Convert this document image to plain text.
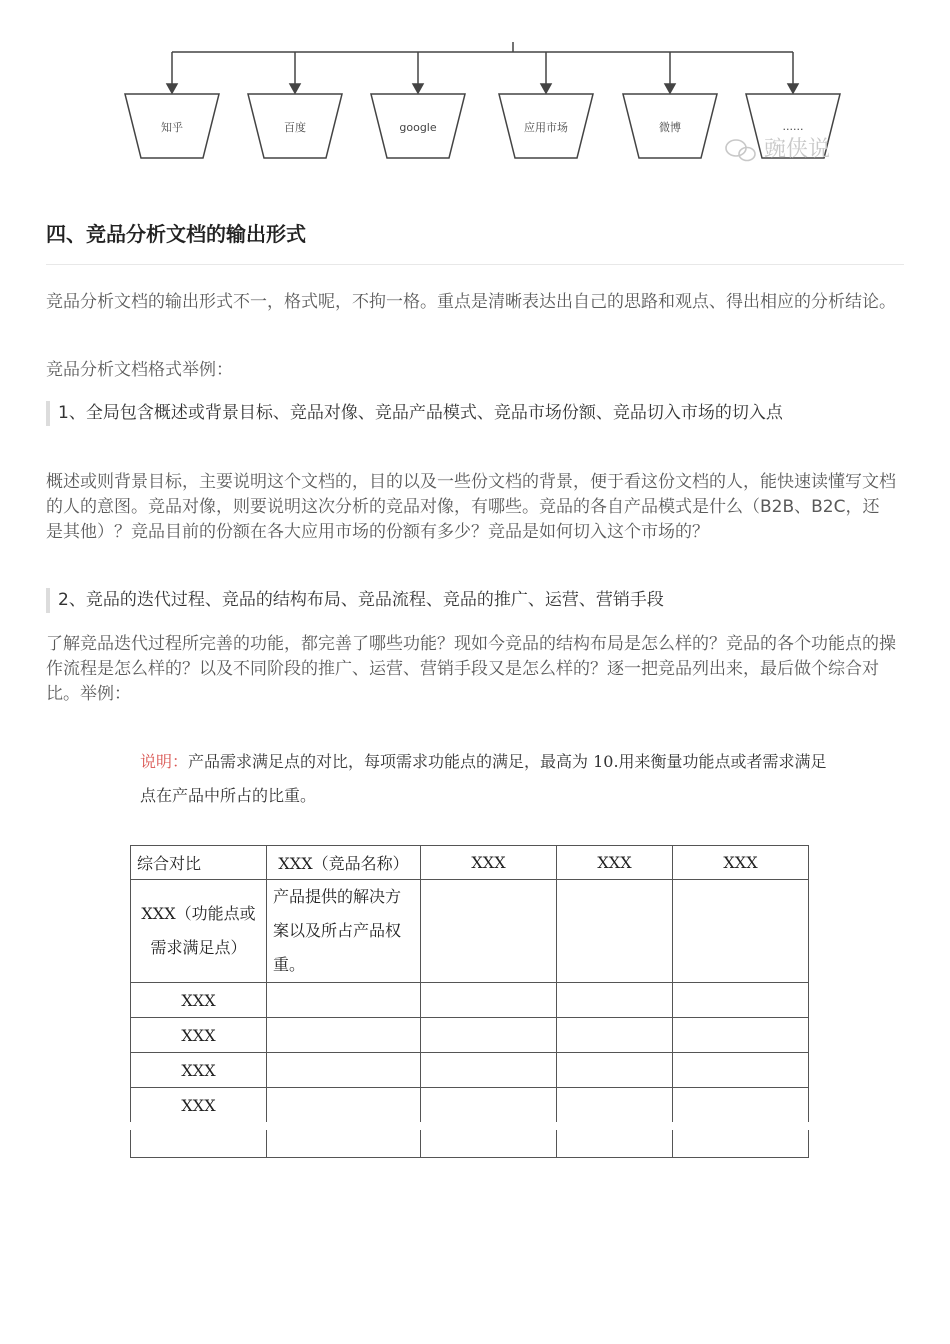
知乎	百度	google	应用市场	微博	......
豌侠说
四、竞品分析文档的输出形式

竞品分析文档的输出形式不一，格式呢，不拘一格。重点是清晰表达出自己的思路和观点、得出相应的分析结论。

竞品分析文档格式举例：

1、全局包含概述或背景目标、竞品对像、竞品产品模式、竞品市场份额、竞品切入市场的切入点

概述或则背景目标，主要说明这个文档的，目的以及一些份文档的背景，便于看这份文档的人，能快速读懂写文档的人的意图。竞品对像，则要说明这次分析的竞品对像，有哪些。竞品的各自产品模式是什么（B2B、B2C，还是其他）？竞品目前的份额在各大应用市场的份额有多少？竞品是如何切入这个市场的？

2、竞品的迭代过程、竞品的结构布局、竞品流程、竞品的推广、运营、营销手段

了解竞品迭代过程所完善的功能，都完善了哪些功能？现如今竞品的结构布局是怎么样的？竞品的各个功能点的操作流程是怎么样的？以及不同阶段的推广、运营、营销手段又是怎么样的？逐一把竞品列出来，最后做个综合对比。举例：

说明：产品需求满足点的对比，每项需求功能点的满足，最高为 10.用来衡量功能点或者需求满足点在产品中所占的比重。

综合对比	XXX（竞品名称）	XXX	XXX	XXX
XXX（功能点或需求满足点）	产品提供的解决方案以及所占产品权重。			
XXX				
XXX				
XXX				
XXX				
